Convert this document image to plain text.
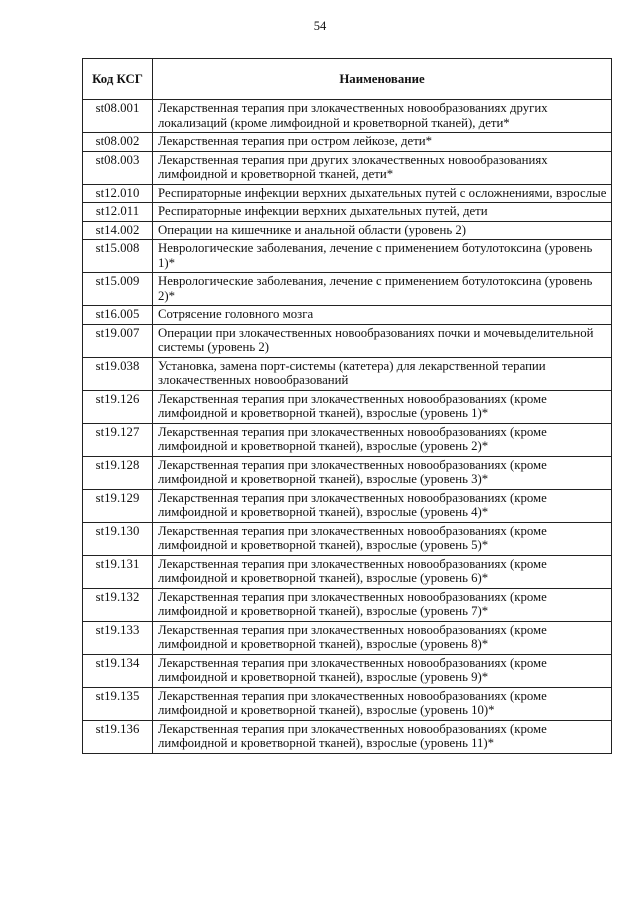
54
Код КСГ	Наименование
st08.001	Лекарственная терапия при злокачественных новообразованиях других локализаций (кроме лимфоидной и кроветворной тканей), дети*
st08.002	Лекарственная терапия при остром лейкозе, дети*
st08.003	Лекарственная терапия при других злокачественных новообразованиях лимфоидной и кроветворной тканей, дети*
st12.010	Респираторные инфекции верхних дыхательных путей с осложнениями, взрослые
st12.011	Респираторные инфекции верхних дыхательных путей, дети
st14.002	Операции на кишечнике и анальной области (уровень 2)
st15.008	Неврологические заболевания, лечение с применением ботулотоксина (уровень 1)*
st15.009	Неврологические заболевания, лечение с применением ботулотоксина (уровень 2)*
st16.005	Сотрясение головного мозга
st19.007	Операции при злокачественных новообразованиях почки и мочевыделительной системы (уровень 2)
st19.038	Установка, замена порт-системы (катетера) для лекарственной терапии злокачественных новообразований
st19.126	Лекарственная терапия при злокачественных новообразованиях (кроме лимфоидной и кроветворной тканей), взрослые (уровень 1)*
st19.127	Лекарственная терапия при злокачественных новообразованиях (кроме лимфоидной и кроветворной тканей), взрослые (уровень 2)*
st19.128	Лекарственная терапия при злокачественных новообразованиях (кроме лимфоидной и кроветворной тканей), взрослые (уровень 3)*
st19.129	Лекарственная терапия при злокачественных новообразованиях (кроме лимфоидной и кроветворной тканей), взрослые (уровень 4)*
st19.130	Лекарственная терапия при злокачественных новообразованиях (кроме лимфоидной и кроветворной тканей), взрослые (уровень 5)*
st19.131	Лекарственная терапия при злокачественных новообразованиях (кроме лимфоидной и кроветворной тканей), взрослые (уровень 6)*
st19.132	Лекарственная терапия при злокачественных новообразованиях (кроме лимфоидной и кроветворной тканей), взрослые (уровень 7)*
st19.133	Лекарственная терапия при злокачественных новообразованиях (кроме лимфоидной и кроветворной тканей), взрослые (уровень 8)*
st19.134	Лекарственная терапия при злокачественных новообразованиях (кроме лимфоидной и кроветворной тканей), взрослые (уровень 9)*
st19.135	Лекарственная терапия при злокачественных новообразованиях (кроме лимфоидной и кроветворной тканей), взрослые (уровень 10)*
st19.136	Лекарственная терапия при злокачественных новообразованиях (кроме лимфоидной и кроветворной тканей), взрослые (уровень 11)*
